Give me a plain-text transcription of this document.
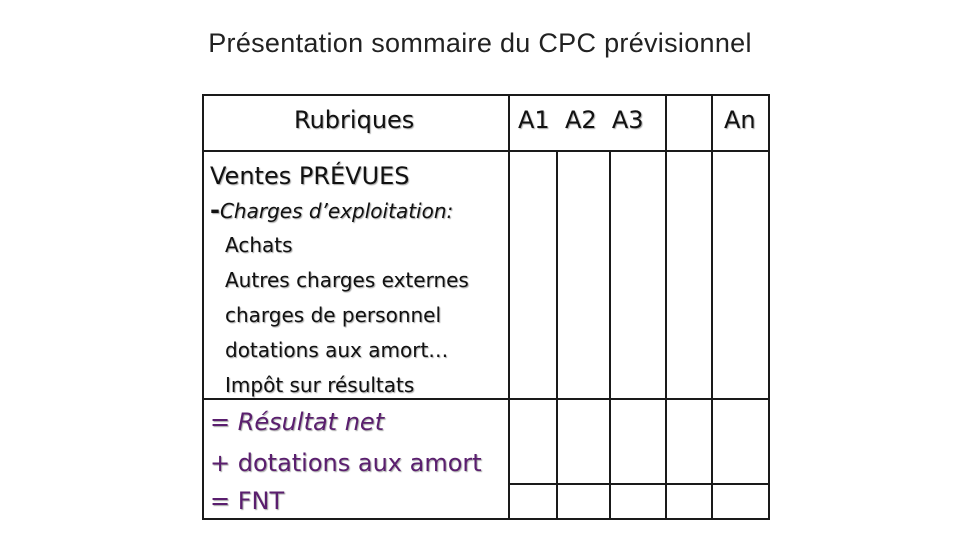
Présentation sommaire du CPC prévisionnel
Rubriques	A1  A2  A3	An
Ventes PRÉVUES
-Charges d’exploitation:
Achats
Autres charges externes
charges de personnel
dotations aux amort…
Impôt sur résultats
= Résultat net
+ dotations aux amort
= FNT
